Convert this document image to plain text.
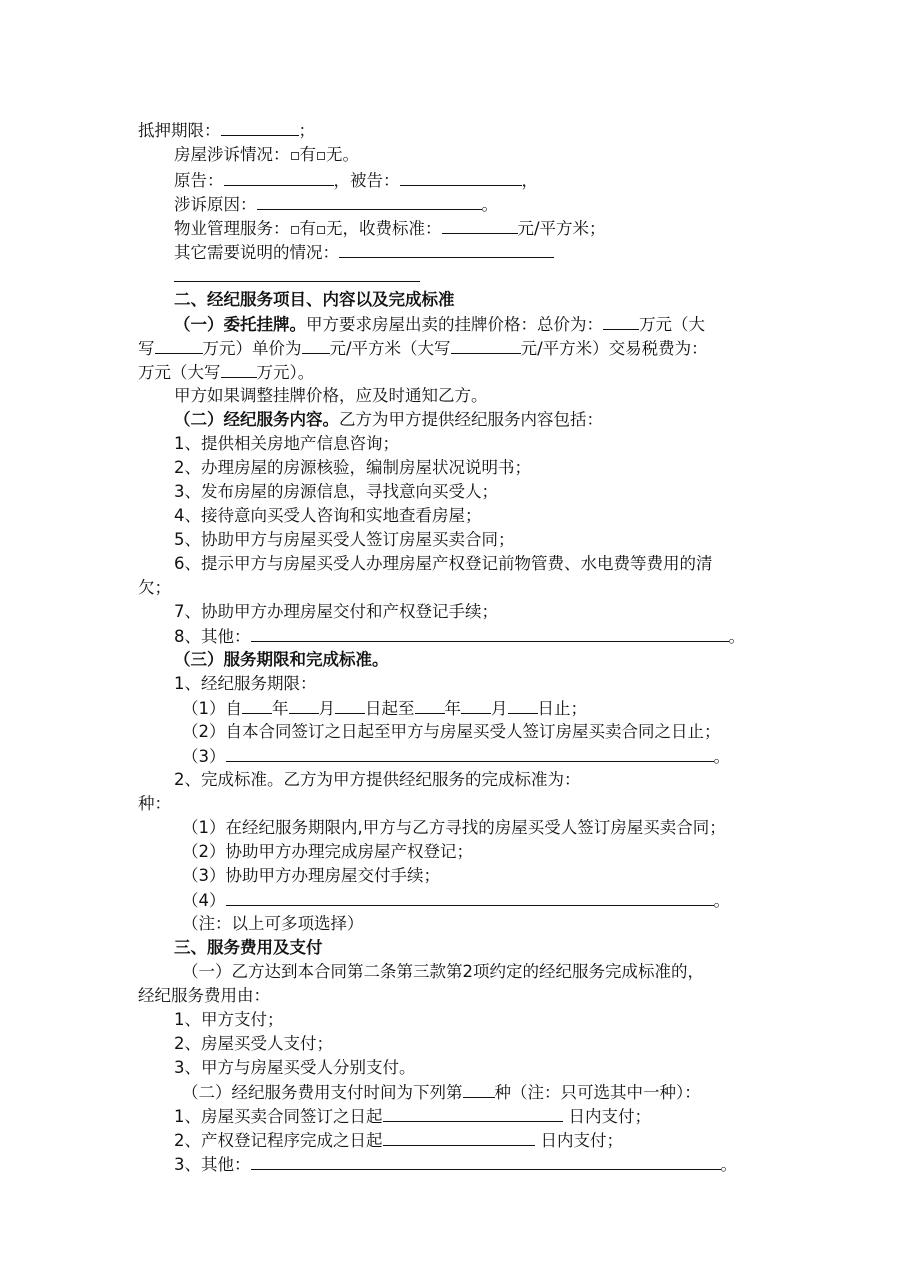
抵押期限：	；
房屋涉诉情况： 有 无。
原告：	，被告：	，
涉诉原因：	。
物业管理服务： 有 无，收费标准：	元/平方米；
其它需要说明的情况：
二、经纪服务项目、内容以及完成标准
（一）委托挂牌。甲方要求房屋出卖的挂牌价格：总价为： 万元（大
写	万元）单价为 元/平方米（大写	元/平方米）交易税费为：
万元（大写 万元）。
甲方如果调整挂牌价格，应及时通知乙方。
（二）经纪服务内容。乙方为甲方提供经纪服务内容包括：
1、提供相关房地产信息咨询；
2、办理房屋的房源核验，编制房屋状况说明书；
3、发布房屋的房源信息，寻找意向买受人；
4、接待意向买受人咨询和实地查看房屋；
5、协助甲方与房屋买受人签订房屋买卖合同；
6、提示甲方与房屋买受人办理房屋产权登记前物管费、水电费等费用的清
欠；
7、协助甲方办理房屋交付和产权登记手续；
8、其他：	。
（三）服务期限和完成标准。
1、经纪服务期限：
（1）自 年 月 日起至 年 月 日止；
（2）自本合同签订之日起至甲方与房屋买受人签订房屋买卖合同之日止；
（3）	。
2、完成标准。乙方为甲方提供经纪服务的完成标准为：
种：
（1）在经纪服务期限内,甲方与乙方寻找的房屋买受人签订房屋买卖合同；
（2）协助甲方办理完成房屋产权登记；
（3）协助甲方办理房屋交付手续；
（4）	。
（注：以上可多项选择）
三、服务费用及支付
（一）乙方达到本合同第二条第三款第2项约定的经纪服务完成标准的，
经纪服务费用由：
1、甲方支付；
2、房屋买受人支付；
3、甲方与房屋买受人分别支付。
（二）经纪服务费用支付时间为下列第 种（注：只可选其中一种）：
1、房屋买卖合同签订之日起	日内支付；
2、产权登记程序完成之日起	日内支付；
3、其他：	。
